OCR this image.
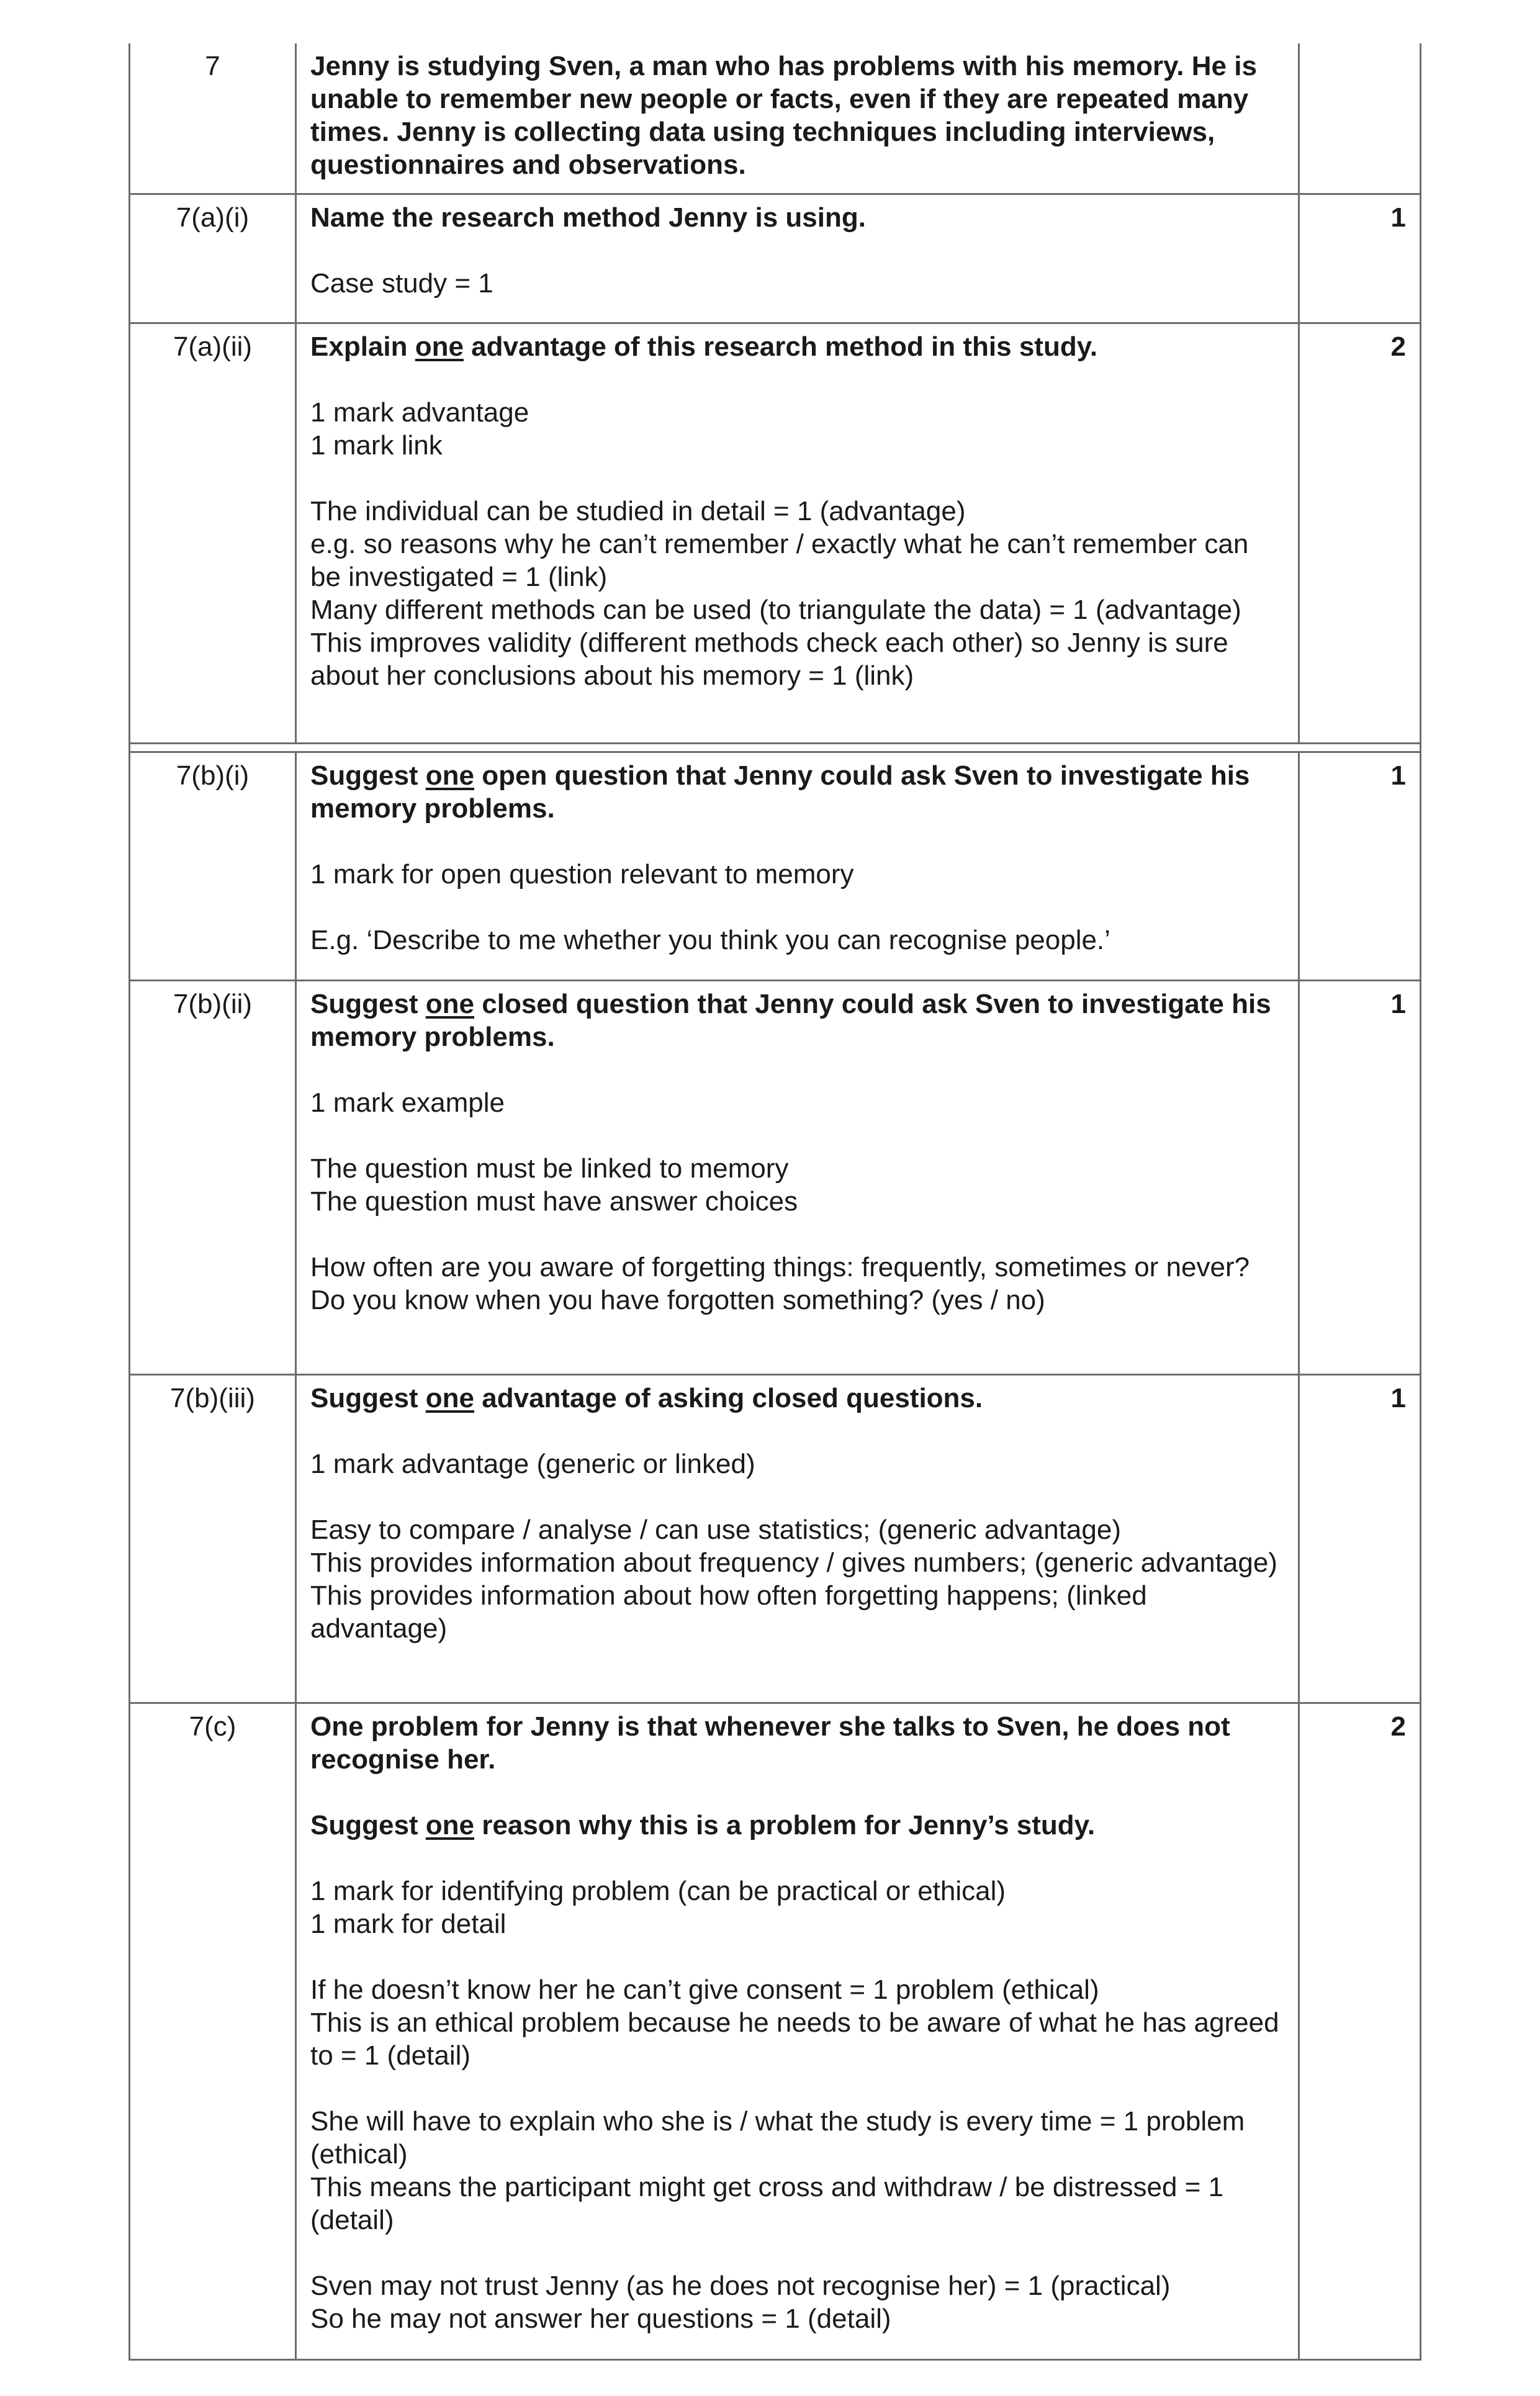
7	Jenny is studying Sven, a man who has problems with his memory. He is unable to remember new people or facts, even if they are repeated many times. Jenny is collecting data using techniques including interviews, questionnaires and observations.
7(a)(i)	Name the research method Jenny is using.
Case study = 1
1
7(a)(ii)	Explain one advantage of this research method in this study.
1 mark advantage
1 mark link
The individual can be studied in detail = 1 (advantage)
e.g. so reasons why he can’t remember / exactly what he can’t remember can be investigated = 1 (link)
Many different methods can be used (to triangulate the data) = 1 (advantage)
This improves validity (different methods check each other) so Jenny is sure about her conclusions about his memory = 1 (link)
2
7(b)(i)	Suggest one open question that Jenny could ask Sven to investigate his memory problems.
1 mark for open question relevant to memory
E.g. ‘Describe to me whether you think you can recognise people.’
1
7(b)(ii)	Suggest one closed question that Jenny could ask Sven to investigate his memory problems.
1 mark example
The question must be linked to memory
The question must have answer choices
How often are you aware of forgetting things: frequently, sometimes or never?
Do you know when you have forgotten something? (yes / no)
1
7(b)(iii)	Suggest one advantage of asking closed questions.
1 mark advantage (generic or linked)
Easy to compare / analyse / can use statistics; (generic advantage)
This provides information about frequency / gives numbers; (generic advantage)
This provides information about how often forgetting happens; (linked advantage)
1
7(c)	One problem for Jenny is that whenever she talks to Sven, he does not recognise her.
Suggest one reason why this is a problem for Jenny’s study.
1 mark for identifying problem (can be practical or ethical)
1 mark for detail
If he doesn’t know her he can’t give consent = 1 problem (ethical)
This is an ethical problem because he needs to be aware of what he has agreed to = 1 (detail)
She will have to explain who she is / what the study is every time = 1 problem (ethical)
This means the participant might get cross and withdraw / be distressed = 1 (detail)
Sven may not trust Jenny (as he does not recognise her) = 1 (practical)
So he may not answer her questions = 1 (detail)
2
